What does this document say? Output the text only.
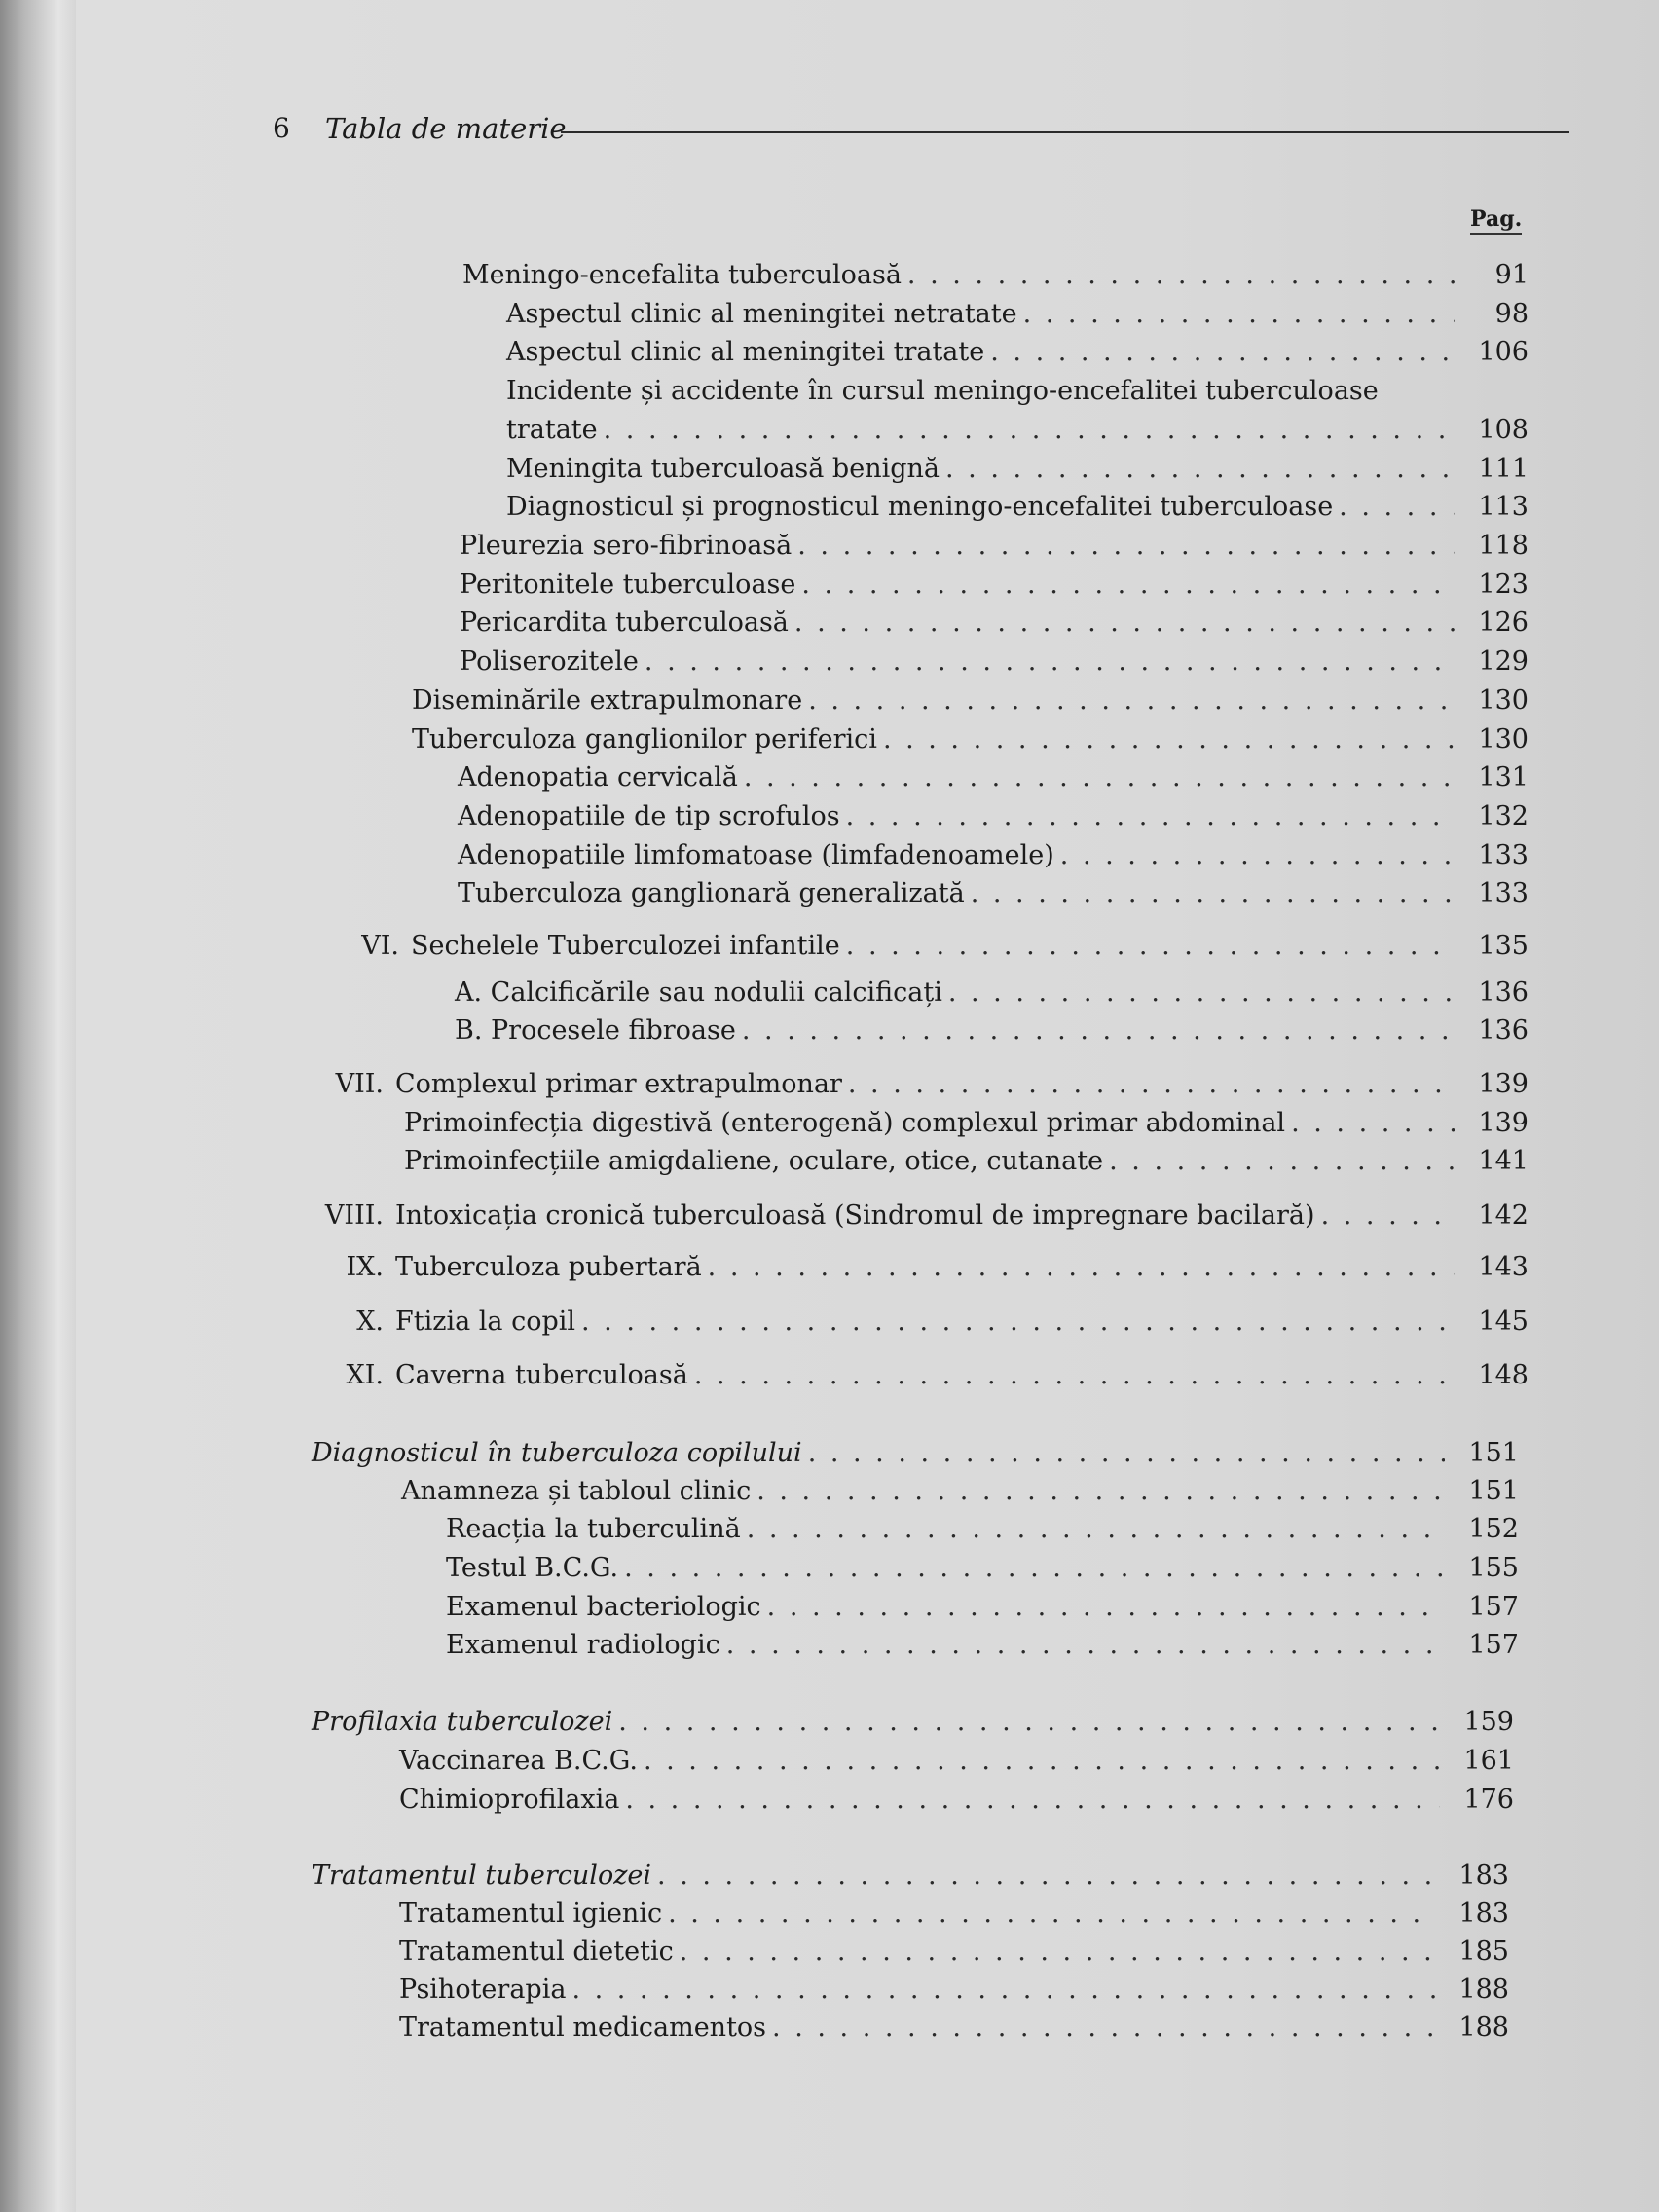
6 Tabla de materie
Pag.
Meningo-encefalita tuberculoasă . . .	91
Aspectul clinic al meningitei netratate . . .	98
Aspectul clinic al meningitei tratate . . .	106
Incidente și accidente în cursul meningo-encefalitei tuberculoase
tratate . . .	108
Meningita tuberculoasă benignă . . .	111
Diagnosticul și prognosticul meningo-encefalitei tuberculoase . . .	113
Pleurezia sero-fibrinoasă . . .	118
Peritonitele tuberculoase . . .	123
Pericardita tuberculoasă . . .	126
Poliserozitele . . .	129
Diseminările extrapulmonare . . .	130
Tuberculoza ganglionilor periferici . . .	130
Adenopatia cervicală . . .	131
Adenopatiile de tip scrofulos . . .	132
Adenopatiile limfomatoase (limfadenoamele) . . .	133
Tuberculoza ganglionară generalizată . . .	133
VI. Sechelele Tuberculozei infantile . . .	135
A. Calcificările sau nodulii calcificați . . .	136
B. Procesele fibroase . . .	136
VII. Complexul primar extrapulmonar . . .	139
Primoinfecția digestivă (enterogenă) complexul primar abdominal . . .	139
Primoinfecțiile amigdaliene, oculare, otice, cutanate . . .	141
VIII. Intoxicația cronică tuberculoasă (Sindromul de impregnare bacilară) . . .	142
IX. Tuberculoza pubertară . . .	143
X. Ftizia la copil . . .	145
XI. Caverna tuberculoasă . . .	148
Diagnosticul în tuberculoza copilului . . .	151
Anamneza și tabloul clinic . . .	151
Reacția la tuberculină . . .	152
Testul B.C.G. . . .	155
Examenul bacteriologic . . .	157
Examenul radiologic . . .	157
Profilaxia tuberculozei . . .	159
Vaccinarea B.C.G. . . .	161
Chimioprofilaxia . . .	176
Tratamentul tuberculozei . . .	183
Tratamentul igienic . . .	183
Tratamentul dietetic . . .	185
Psihoterapia . . .	188
Tratamentul medicamentos . . .	188
